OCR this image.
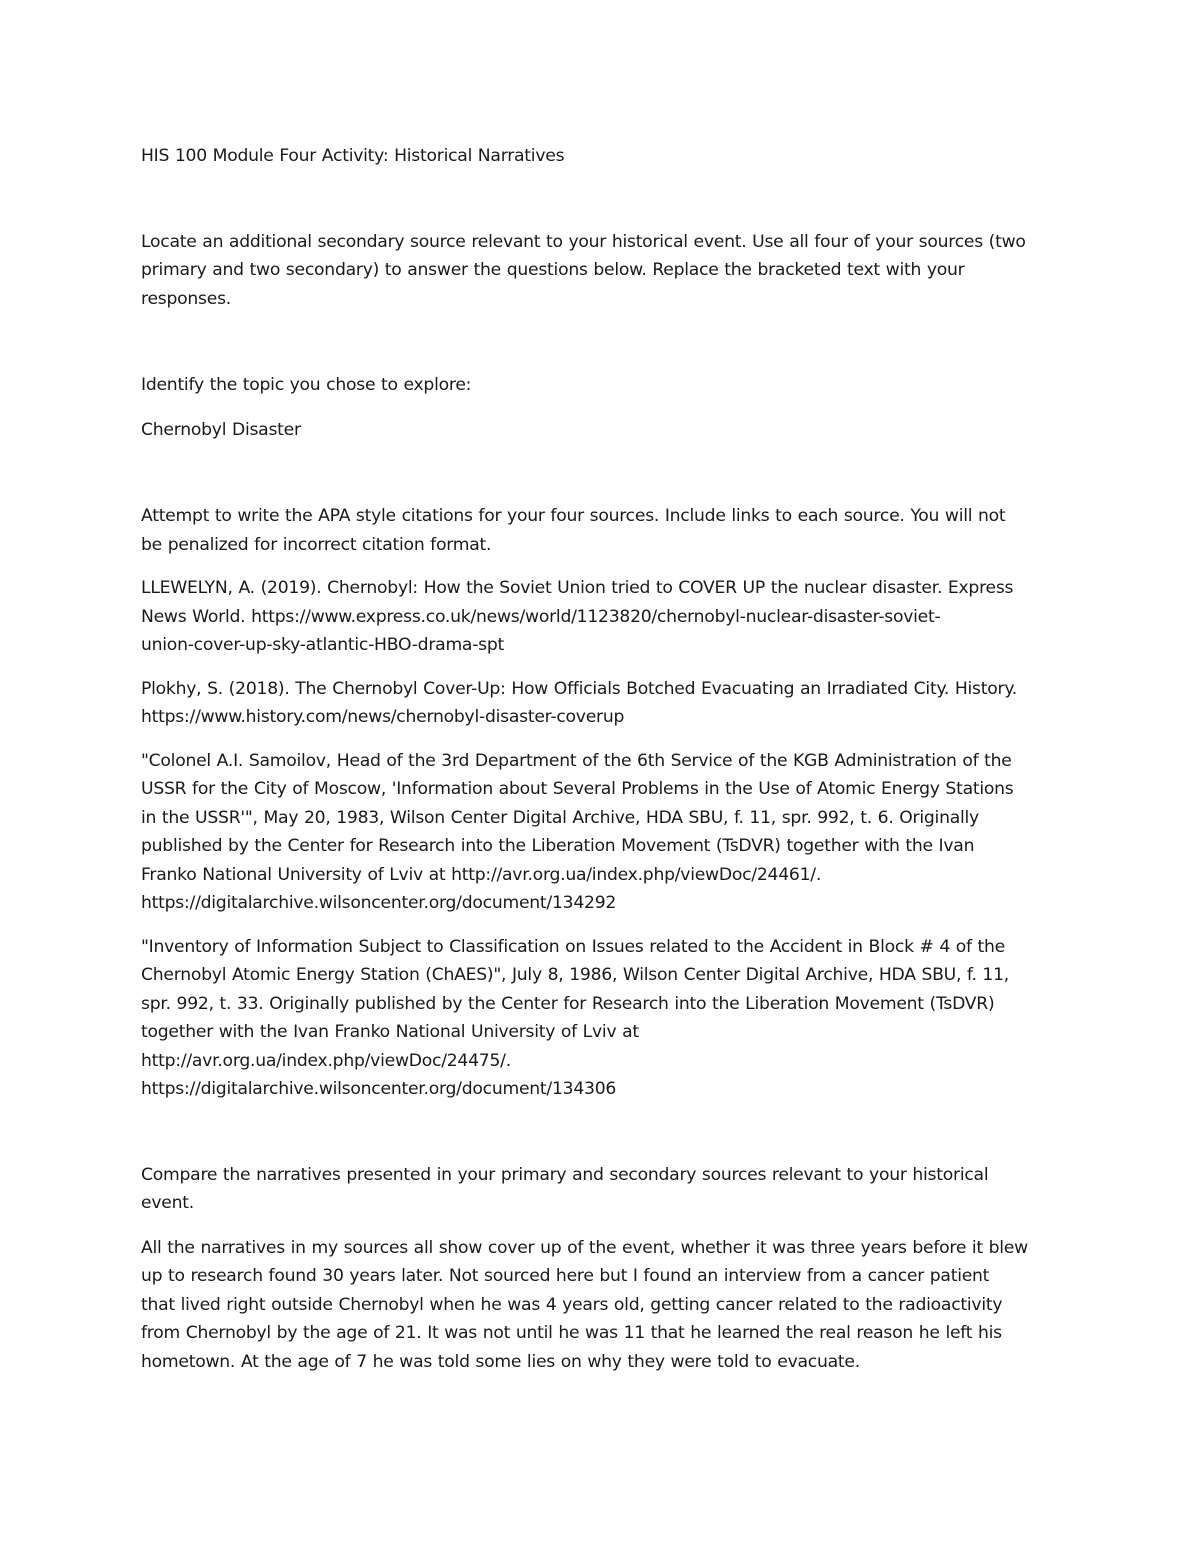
HIS 100 Module Four Activity: Historical Narratives

Locate an additional secondary source relevant to your historical event. Use all four of your sources (two
primary and two secondary) to answer the questions below. Replace the bracketed text with your
responses.

Identify the topic you chose to explore:

Chernobyl Disaster

Attempt to write the APA style citations for your four sources. Include links to each source. You will not
be penalized for incorrect citation format.

LLEWELYN, A. (2019). Chernobyl: How the Soviet Union tried to COVER UP the nuclear disaster. Express
News World. https://www.express.co.uk/news/world/1123820/chernobyl-nuclear-disaster-soviet-
union-cover-up-sky-atlantic-HBO-drama-spt

Plokhy, S. (2018). The Chernobyl Cover-Up: How Officials Botched Evacuating an Irradiated City. History.
https://www.history.com/news/chernobyl-disaster-coverup

"Colonel A.I. Samoilov, Head of the 3rd Department of the 6th Service of the KGB Administration of the
USSR for the City of Moscow, 'Information about Several Problems in the Use of Atomic Energy Stations
in the USSR'", May 20, 1983, Wilson Center Digital Archive, HDA SBU, f. 11, spr. 992, t. 6. Originally
published by the Center for Research into the Liberation Movement (TsDVR) together with the Ivan
Franko National University of Lviv at http://avr.org.ua/index.php/viewDoc/24461/.
https://digitalarchive.wilsoncenter.org/document/134292

"Inventory of Information Subject to Classification on Issues related to the Accident in Block # 4 of the
Chernobyl Atomic Energy Station (ChAES)", July 8, 1986, Wilson Center Digital Archive, HDA SBU, f. 11,
spr. 992, t. 33. Originally published by the Center for Research into the Liberation Movement (TsDVR)
together with the Ivan Franko National University of Lviv at
http://avr.org.ua/index.php/viewDoc/24475/.
https://digitalarchive.wilsoncenter.org/document/134306

Compare the narratives presented in your primary and secondary sources relevant to your historical
event.

All the narratives in my sources all show cover up of the event, whether it was three years before it blew
up to research found 30 years later. Not sourced here but I found an interview from a cancer patient
that lived right outside Chernobyl when he was 4 years old, getting cancer related to the radioactivity
from Chernobyl by the age of 21. It was not until he was 11 that he learned the real reason he left his
hometown. At the age of 7 he was told some lies on why they were told to evacuate.
